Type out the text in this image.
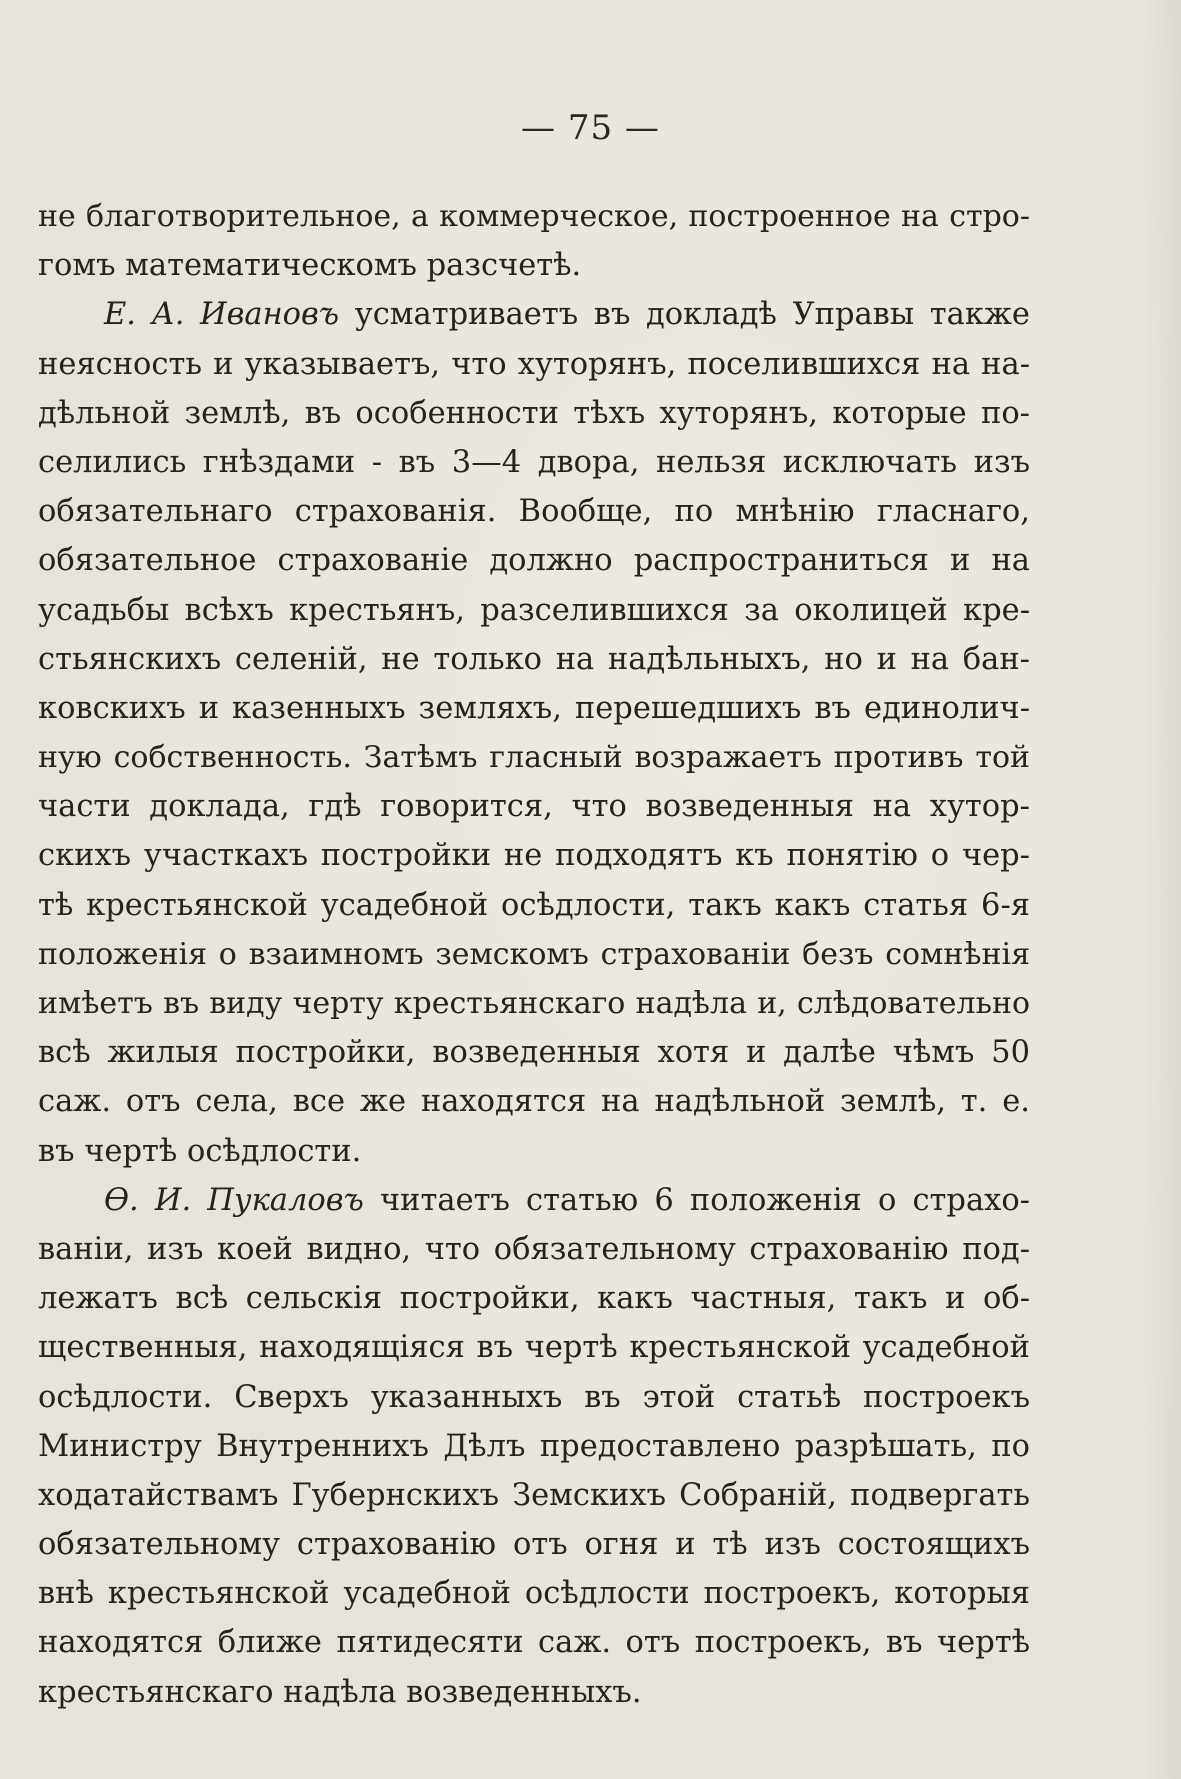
— 75 —
не благотворительное, а коммерческое, построенное на стро-
гомъ математическомъ разсчетѣ.
Е. А. Ивановъ усматриваетъ въ докладѣ Управы также
неясность и указываетъ, что хуторянъ, поселившихся на на-
дѣльной землѣ, въ особенности тѣхъ хуторянъ, которые по-
селились гнѣздами - въ 3—4 двора, нельзя исключать изъ
обязательнаго страхованія. Вообще, по мнѣнію гласнаго,
обязательное страхованіе должно распространиться и на
усадьбы всѣхъ крестьянъ, разселившихся за околицей кре-
стьянскихъ селеній, не только на надѣльныхъ, но и на бан-
ковскихъ и казенныхъ земляхъ, перешедшихъ въ единолич-
ную собственность. Затѣмъ гласный возражаетъ противъ той
части доклада, гдѣ говорится, что возведенныя на хутор-
скихъ участкахъ постройки не подходятъ къ понятію о чер-
тѣ крестьянской усадебной осѣдлости, такъ какъ статья 6-я
положенія о взаимномъ земскомъ страхованіи безъ сомнѣнія
имѣетъ въ виду черту крестьянскаго надѣла и, слѣдовательно
всѣ жилыя постройки, возведенныя хотя и далѣе чѣмъ 50
саж. отъ села, все же находятся на надѣльной землѣ, т. е.
въ чертѣ осѣдлости.
Ѳ. И. Пукаловъ читаетъ статью 6 положенія о страхо-
ваніи, изъ коей видно, что обязательному страхованію под-
лежатъ всѣ сельскія постройки, какъ частныя, такъ и об-
щественныя, находящіяся въ чертѣ крестьянской усадебной
осѣдлости. Сверхъ указанныхъ въ этой статьѣ построекъ
Министру Внутреннихъ Дѣлъ предоставлено разрѣшать, по
ходатайствамъ Губернскихъ Земскихъ Собраній, подвергать
обязательному страхованію отъ огня и тѣ изъ состоящихъ
внѣ крестьянской усадебной осѣдлости построекъ, которыя
находятся ближе пятидесяти саж. отъ построекъ, въ чертѣ
крестьянскаго надѣла возведенныхъ.
